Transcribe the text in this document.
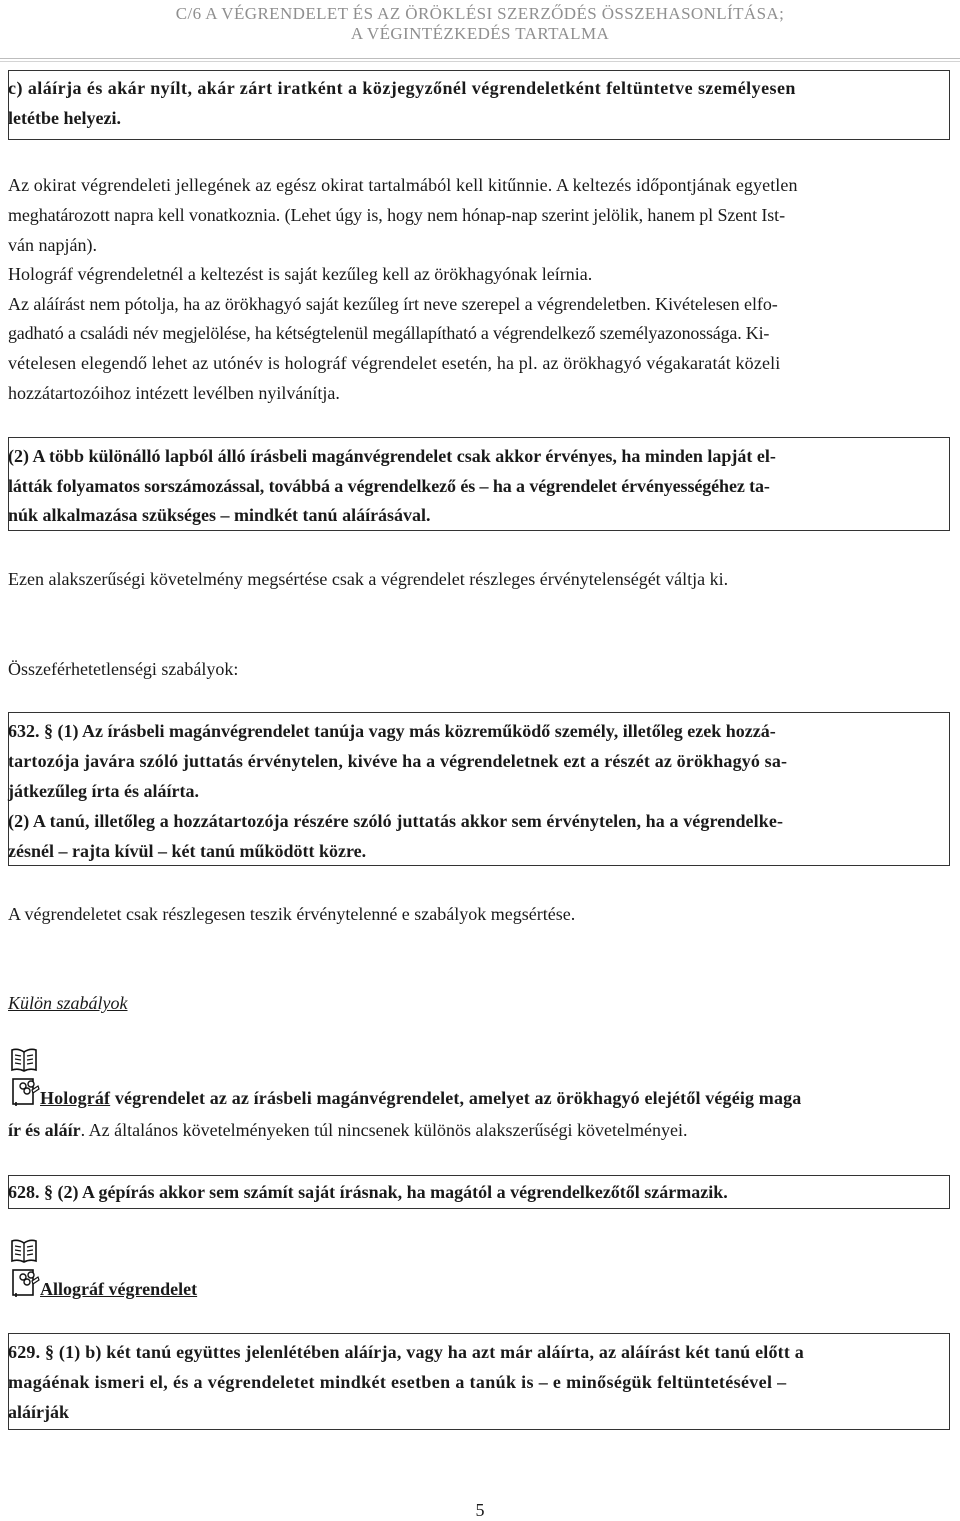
C/6 A VÉGRENDELET ÉS AZ ÖRÖKLÉSI SZERZŐDÉS ÖSSZEHASONLÍTÁSA;
A VÉGINTÉZKEDÉS TARTALMA
c) aláírja és akár nyílt, akár zárt iratként a közjegyzőnél végrendeletként feltüntetve személyesen
letétbe helyezi.
Az okirat végrendeleti jellegének az egész okirat tartalmából kell kitűnnie. A keltezés időpontjának egyetlen
meghatározott napra kell vonatkoznia. (Lehet úgy is, hogy nem hónap-nap szerint jelölik, hanem pl Szent Ist-
ván napján).
Holográf végrendeletnél a keltezést is saját kezűleg kell az örökhagyónak leírnia.
Az aláírást nem pótolja, ha az örökhagyó saját kezűleg írt neve szerepel a végrendeletben. Kivételesen elfo-
gadható a családi név megjelölése, ha kétségtelenül megállapítható a végrendelkező személyazonossága. Ki-
vételesen elegendő lehet az utónév is holográf végrendelet esetén, ha pl. az örökhagyó végakaratát közeli
hozzátartozóihoz intézett levélben nyilvánítja.
(2) A több különálló lapból álló írásbeli magánvégrendelet csak akkor érvényes, ha minden lapját el-
látták folyamatos sorszámozással, továbbá a végrendelkező és – ha a végrendelet érvényességéhez ta-
núk alkalmazása szükséges – mindkét tanú aláírásával.
Ezen alakszerűségi követelmény megsértése csak a végrendelet részleges érvénytelenségét váltja ki.
Összeférhetetlenségi szabályok:
632. § (1) Az írásbeli magánvégrendelet tanúja vagy más közreműködő személy, illetőleg ezek hozzá-
tartozója javára szóló juttatás érvénytelen, kivéve ha a végrendeletnek ezt a részét az örökhagyó sa-
játkezűleg írta és aláírta.
(2) A tanú, illetőleg a hozzátartozója részére szóló juttatás akkor sem érvénytelen, ha a végrendelke-
zésnél – rajta kívül – két tanú működött közre.
A végrendeletet csak részlegesen teszik érvénytelenné e szabályok megsértése.
Külön szabályok
Holográf végrendelet az az írásbeli magánvégrendelet, amelyet az örökhagyó elejétől végéig maga
ír és aláír. Az általános követelményeken túl nincsenek különös alakszerűségi követelményei.
628. § (2) A gépírás akkor sem számít saját írásnak, ha magától a végrendelkezőtől származik.
Allográf végrendelet
629. § (1) b) két tanú együttes jelenlétében aláírja, vagy ha azt már aláírta, az aláírást két tanú előtt a
magáénak ismeri el, és a végrendeletet mindkét esetben a tanúk is – e minőségük feltüntetésével –
aláírják
5
